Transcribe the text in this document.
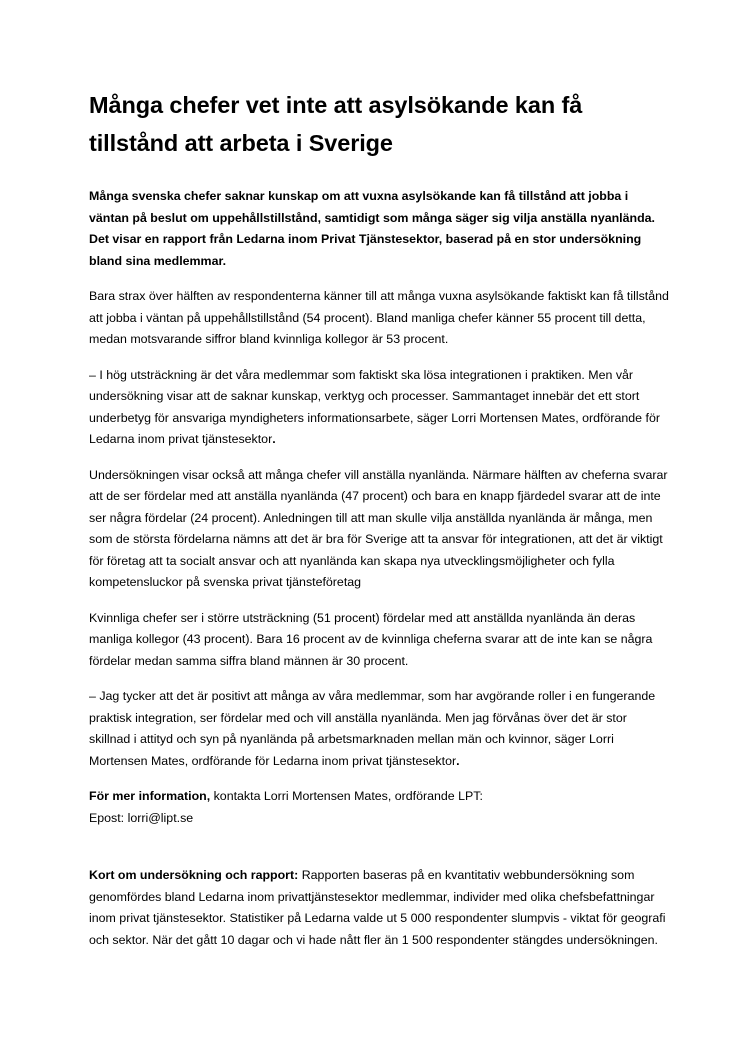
Många chefer vet inte att asylsökande kan få tillstånd att arbeta i Sverige

Många svenska chefer saknar kunskap om att vuxna asylsökande kan få tillstånd att jobba i väntan på beslut om uppehållstillstånd, samtidigt som många säger sig vilja anställa nyanlända. Det visar en rapport från Ledarna inom Privat Tjänstesektor, baserad på en stor undersökning bland sina medlemmar.

Bara strax över hälften av respondenterna känner till att många vuxna asylsökande faktiskt kan få tillstånd att jobba i väntan på uppehållstillstånd (54 procent). Bland manliga chefer känner 55 procent till detta, medan motsvarande siffror bland kvinnliga kollegor är 53 procent.

– I hög utsträckning är det våra medlemmar som faktiskt ska lösa integrationen i praktiken. Men vår undersökning visar att de saknar kunskap, verktyg och processer. Sammantaget innebär det ett stort underbetyg för ansvariga myndigheters informationsarbete, säger Lorri Mortensen Mates, ordförande för Ledarna inom privat tjänstesektor.

Undersökningen visar också att många chefer vill anställa nyanlända. Närmare hälften av cheferna svarar att de ser fördelar med att anställa nyanlända (47 procent) och bara en knapp fjärdedel svarar att de inte ser några fördelar (24 procent). Anledningen till att man skulle vilja anställda nyanlända är många, men som de största fördelarna nämns att det är bra för Sverige att ta ansvar för integrationen, att det är viktigt för företag att ta socialt ansvar och att nyanlända kan skapa nya utvecklingsmöjligheter och fylla kompetensluckor på svenska privat tjänsteföretag

Kvinnliga chefer ser i större utsträckning (51 procent) fördelar med att anställda nyanlända än deras manliga kollegor (43 procent). Bara 16 procent av de kvinnliga cheferna svarar att de inte kan se några fördelar medan samma siffra bland männen är 30 procent.

– Jag tycker att det är positivt att många av våra medlemmar, som har avgörande roller i en fungerande praktisk integration, ser fördelar med och vill anställa nyanlända. Men jag förvånas över det är stor skillnad i attityd och syn på nyanlända på arbetsmarknaden mellan män och kvinnor, säger Lorri Mortensen Mates, ordförande för Ledarna inom privat tjänstesektor.

För mer information, kontakta Lorri Mortensen Mates, ordförande LPT:
Epost: lorri@lipt.se

Kort om undersökning och rapport: Rapporten baseras på en kvantitativ webbundersökning som genomfördes bland Ledarna inom privattjänstesektor medlemmar, individer med olika chefsbefattningar inom privat tjänstesektor. Statistiker på Ledarna valde ut 5 000 respondenter slumpvis - viktat för geografi och sektor. När det gått 10 dagar och vi hade nått fler än 1 500 respondenter stängdes undersökningen.
